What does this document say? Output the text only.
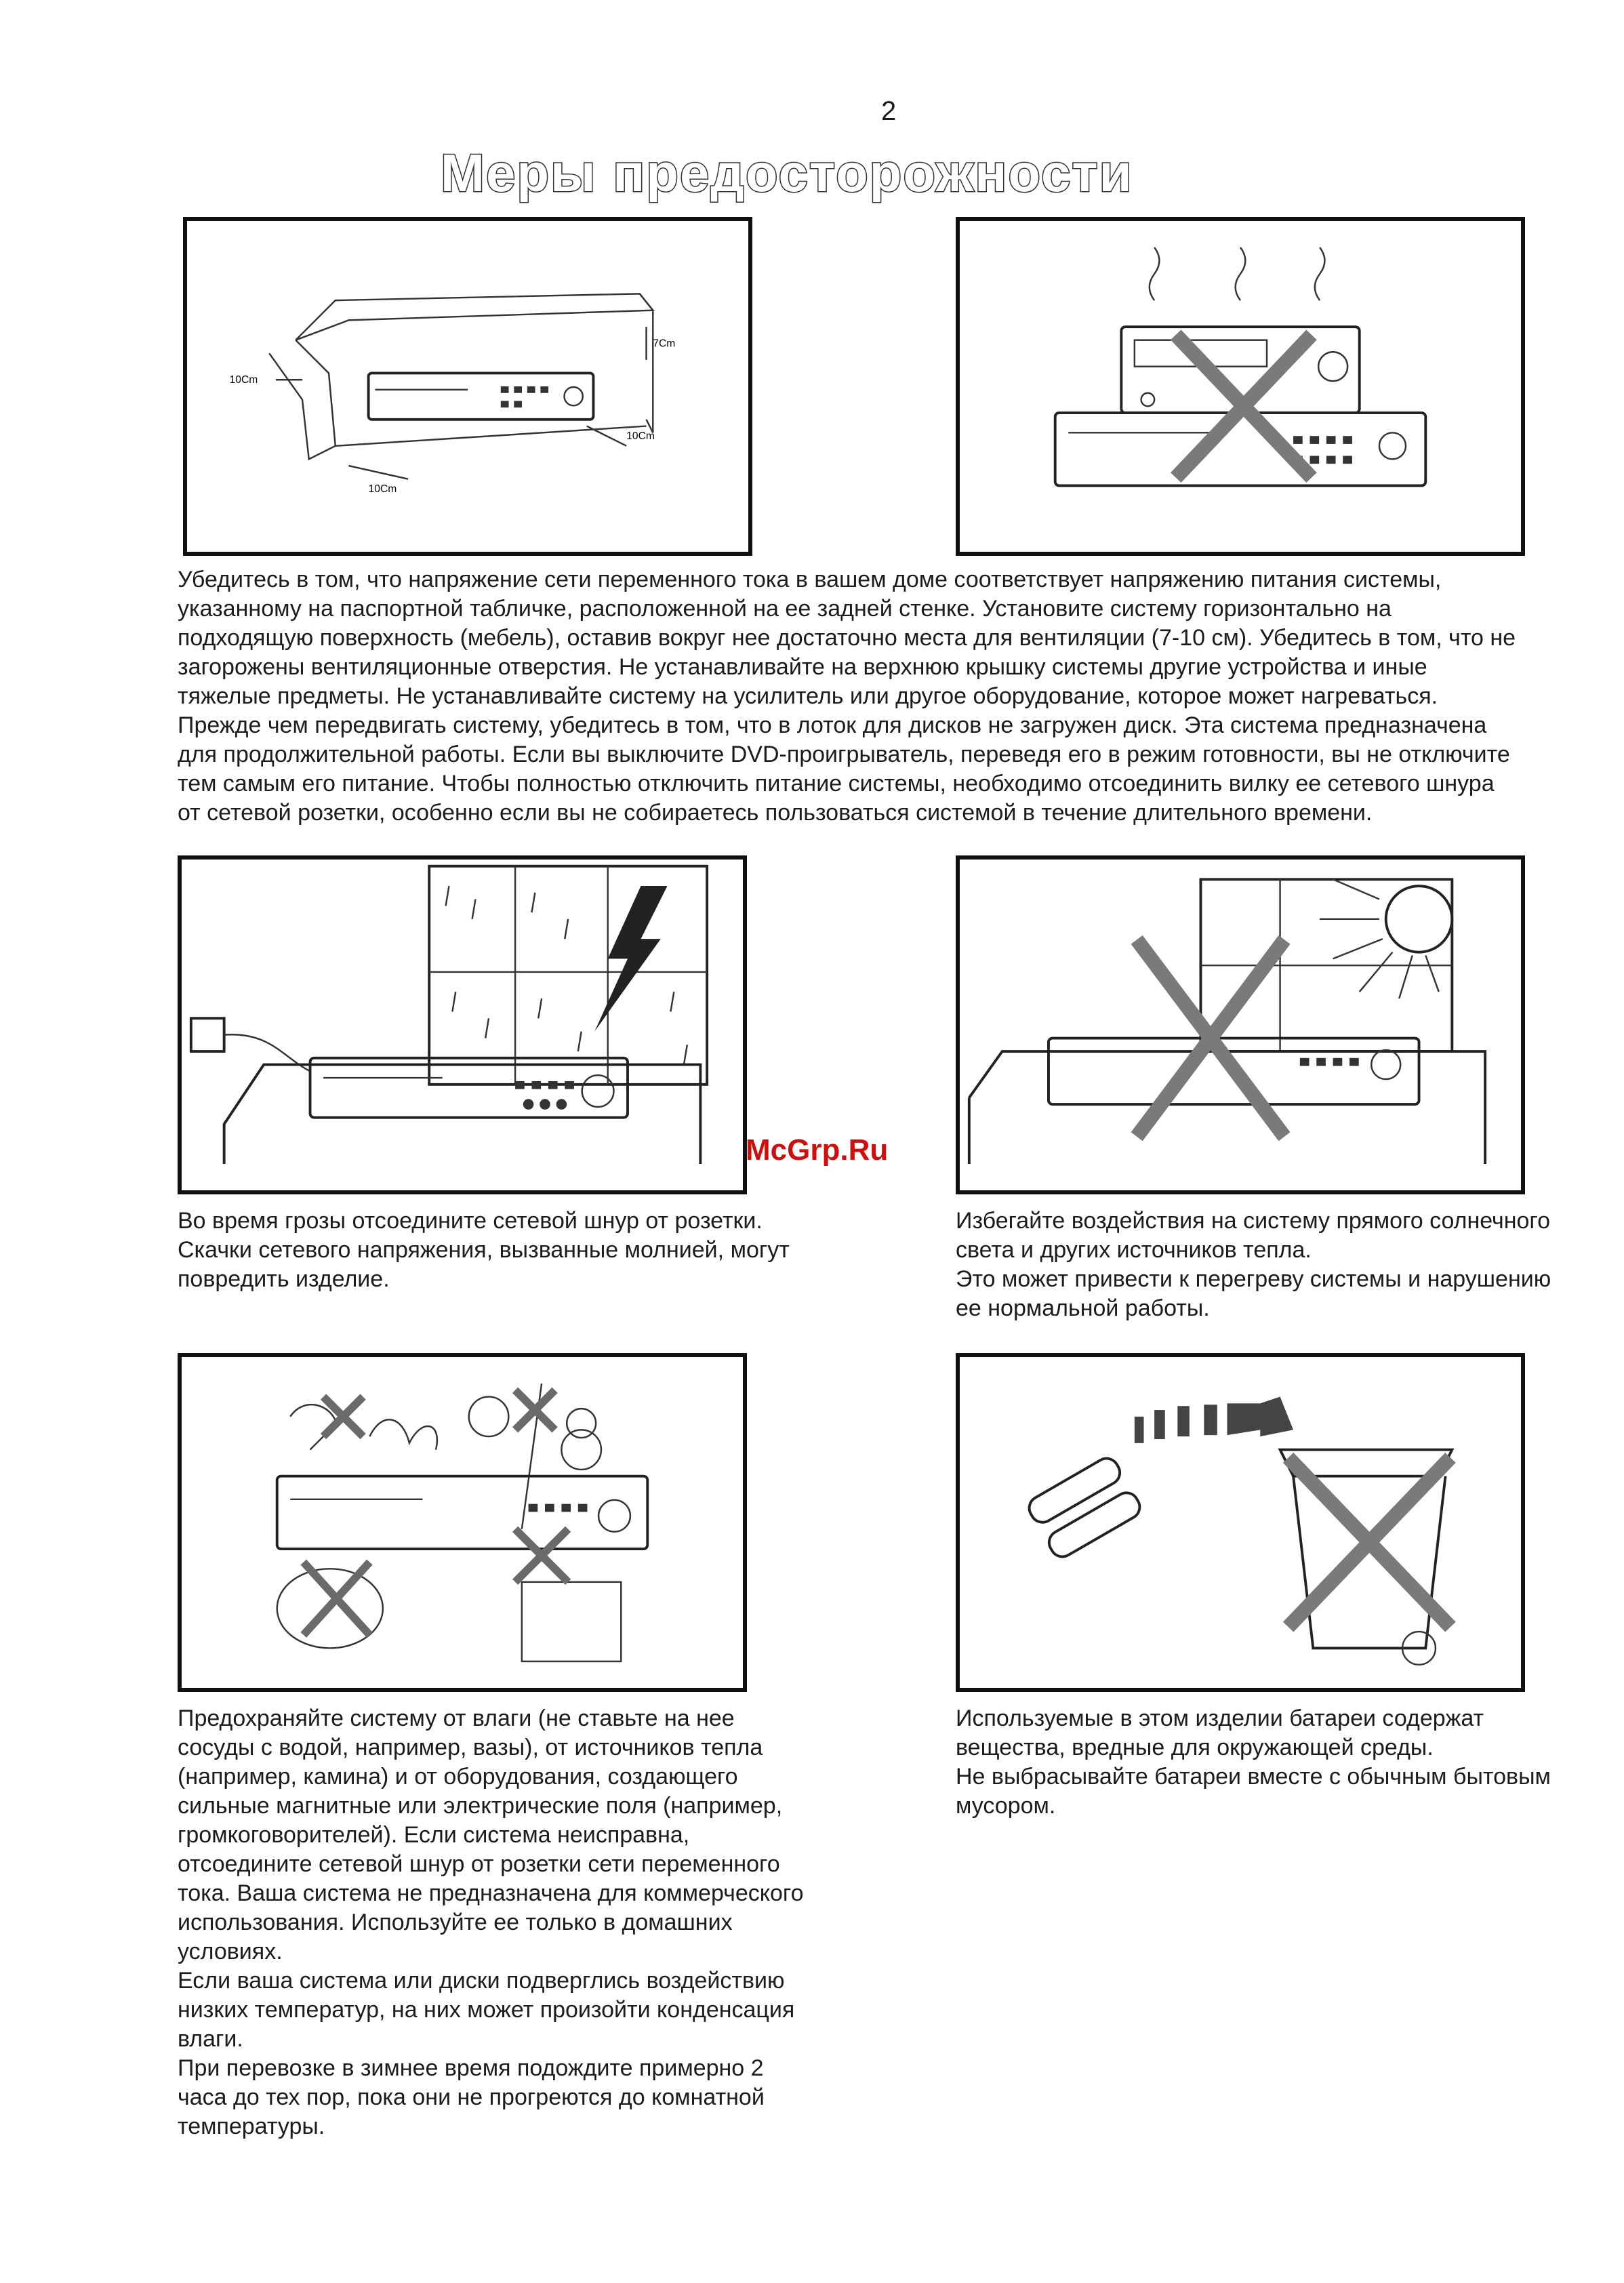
2
Меры предосторожности
7Cm
10Cm
10Cm
10Cm

Убедитесь в том, что напряжение сети переменного тока в вашем доме соответствует напряжению питания системы,

указанному на паспортной табличке, расположенной на ее задней стенке. Установите систему горизонтально на

подходящую поверхность (мебель), оставив вокруг нее достаточно места для вентиляции (7-10 см). Убедитесь в том, что не

загорожены вентиляционные отверстия. Не устанавливайте на верхнюю крышку системы другие устройства и иные

тяжелые предметы. Не устанавливайте систему на усилитель или другое оборудование, которое может нагреваться.

Прежде чем передвигать систему, убедитесь в том, что в лоток для дисков не загружен диск. Эта система предназначена

для продолжительной работы. Если вы выключите DVD-проигрыватель, переведя его в режим готовности, вы не отключите

тем самым его питание. Чтобы полностью отключить питание системы, необходимо отсоединить вилку ее сетевого шнура

от сетевой розетки, особенно если вы не собираетесь пользоваться системой в течение длительного времени.

McGrp.Ru

Во время грозы отсоедините сетевой шнур от розетки.

Скачки сетевого напряжения, вызванные молнией, могут

повредить изделие.

Избегайте воздействия на систему прямого солнечного

света и других источников тепла.

Это может привести к перегреву системы и нарушению

ее нормальной работы.

Предохраняйте систему от влаги (не ставьте на нее

сосуды с водой, например, вазы), от источников тепла

(например, камина) и от оборудования, создающего

сильные магнитные или электрические поля (например,

громкоговорителей). Если система неисправна,

отсоедините сетевой шнур от розетки сети переменного

тока. Ваша система не предназначена для коммерческого

использования. Используйте ее только в домашних

условиях.

Если ваша система или диски подверглись воздействию

низких температур, на них может произойти конденсация

влаги.

При перевозке в зимнее время подождите примерно 2

часа до тех пор, пока они не прогреются до комнатной

температуры.

Используемые в этом изделии батареи содержат

вещества, вредные для окружающей среды.

Не выбрасывайте батареи вместе с обычным бытовым

мусором.
